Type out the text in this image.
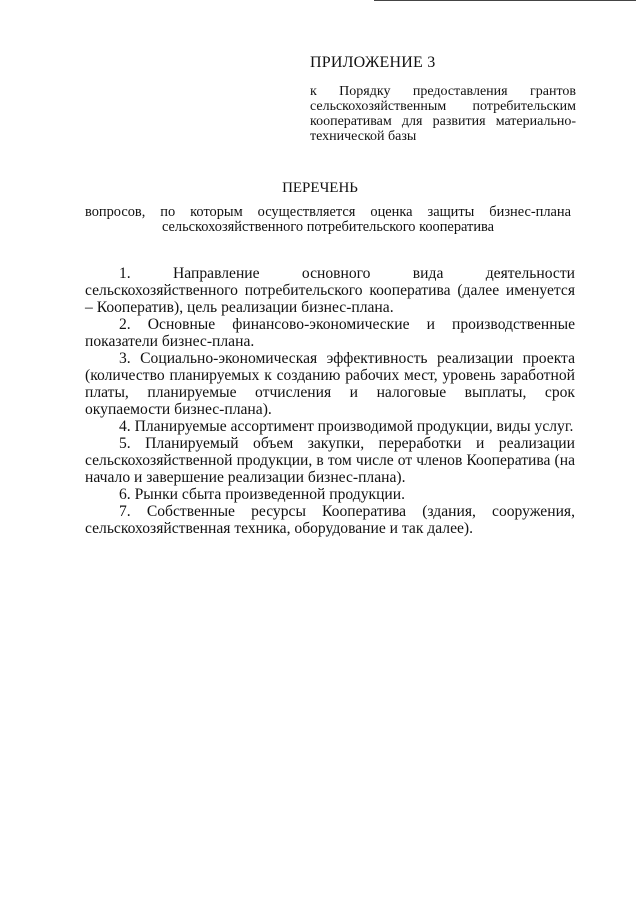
ПРИЛОЖЕНИЕ 3

к Порядку предоставления грантов сельскохозяйственным потребительским кооперативам для развития материально-технической базы

ПЕРЕЧЕНЬ

вопросов, по которым осуществляется оценка защиты бизнес-плана
сельскохозяйственного потребительского кооператива

1. Направление основного вида деятельности сельскохозяйственного потребительского кооператива (далее именуется – Кооператив), цель реализации бизнес-плана.

2. Основные финансово-экономические и производственные показатели бизнес-плана.

3. Социально-экономическая эффективность реализации проекта (количество планируемых к созданию рабочих мест, уровень заработной платы, планируемые отчисления и налоговые выплаты, срок окупаемости бизнес-плана).

4. Планируемые ассортимент производимой продукции, виды услуг.

5. Планируемый объем закупки, переработки и реализации сельскохозяйственной продукции, в том числе от членов Кооператива (на начало и завершение реализации бизнес-плана).

6. Рынки сбыта произведенной продукции.

7. Собственные ресурсы Кооператива (здания, сооружения, сельскохозяйственная техника, оборудование и так далее).
